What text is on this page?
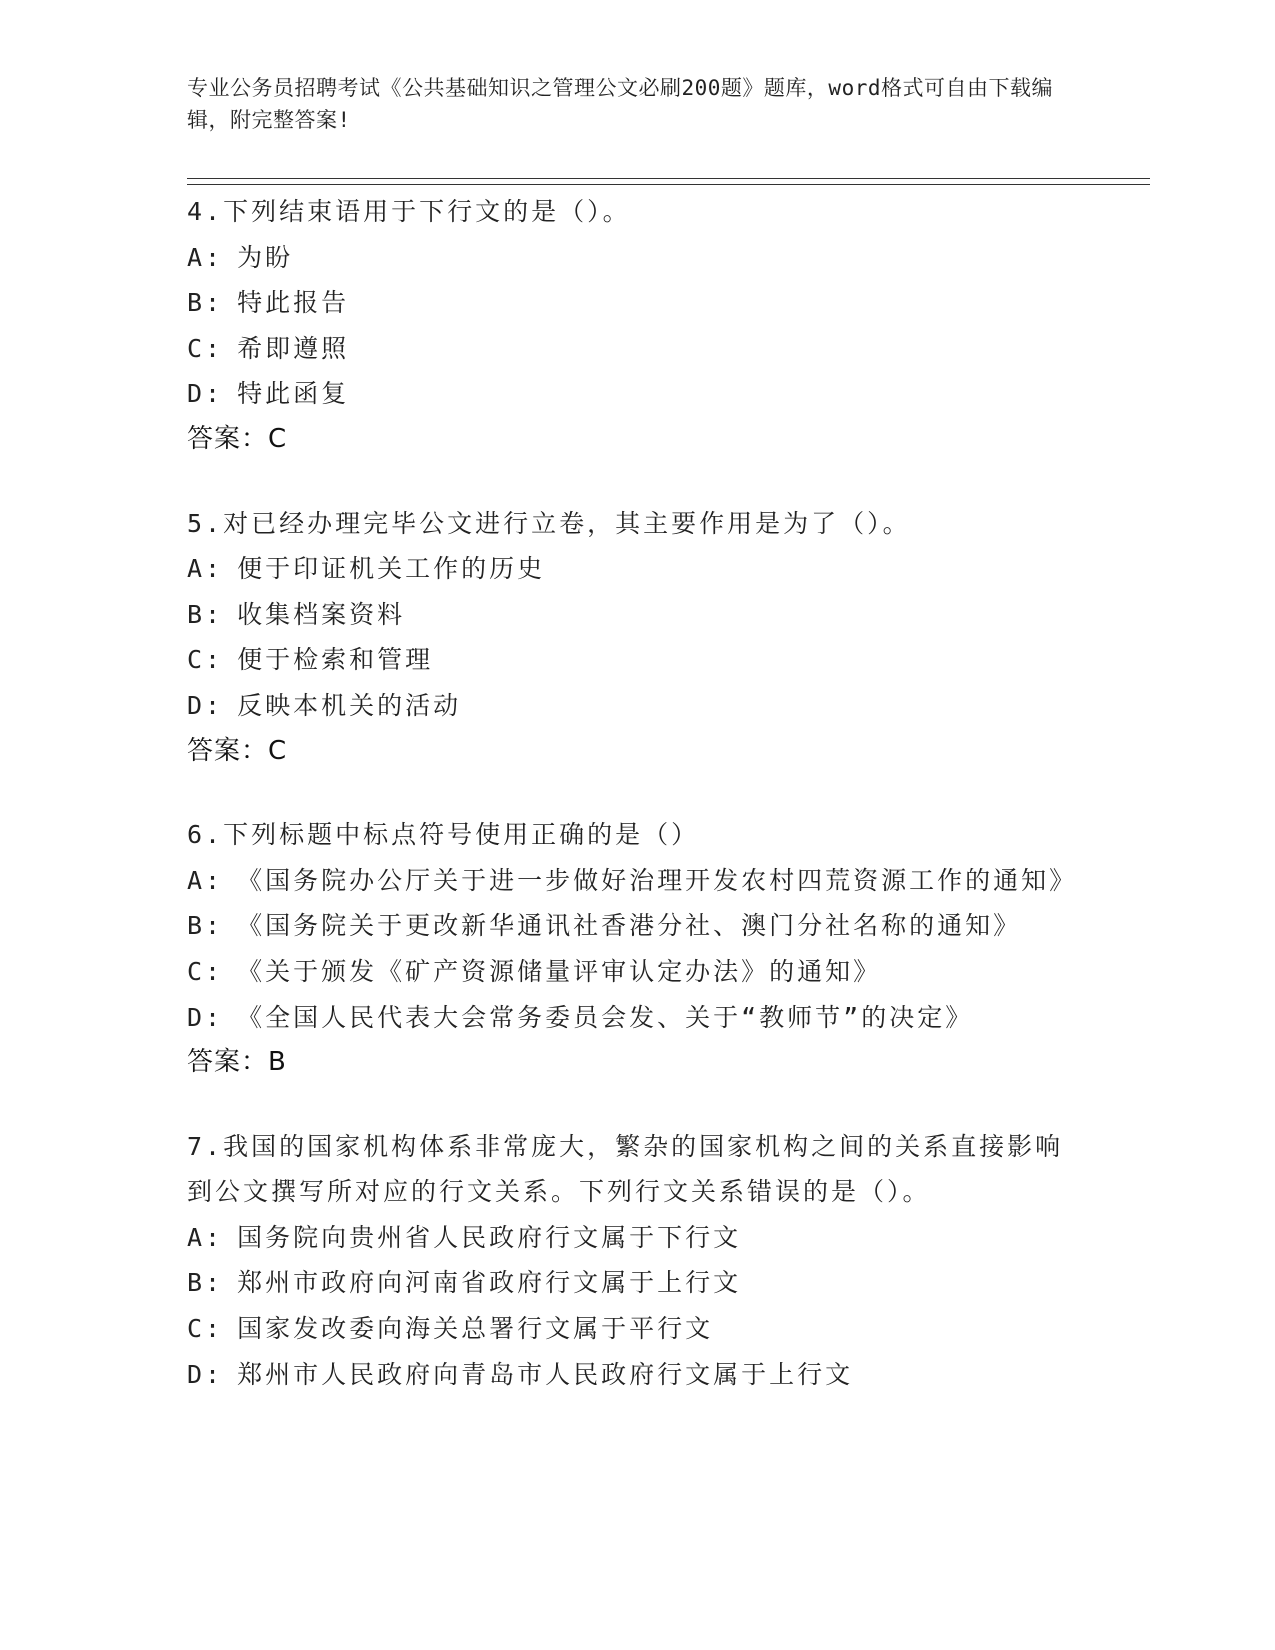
专业公务员招聘考试《公共基础知识之管理公文必刷200题》题库，word格式可自由下载编辑，附完整答案!
4.下列结束语用于下行文的是（）。
A: 为盼
B: 特此报告
C: 希即遵照
D: 特此函复
答案：C
5.对已经办理完毕公文进行立卷，其主要作用是为了（）。
A: 便于印证机关工作的历史
B: 收集档案资料
C: 便于检索和管理
D: 反映本机关的活动
答案：C
6.下列标题中标点符号使用正确的是（）
A: 《国务院办公厅关于进一步做好治理开发农村四荒资源工作的通知》
B: 《国务院关于更改新华通讯社香港分社、澳门分社名称的通知》
C: 《关于颁发《矿产资源储量评审认定办法》的通知》
D: 《全国人民代表大会常务委员会发、关于“教师节”的决定》
答案：B
7.我国的国家机构体系非常庞大，繁杂的国家机构之间的关系直接影响到公文撰写所对应的行文关系。下列行文关系错误的是（）。
A: 国务院向贵州省人民政府行文属于下行文
B: 郑州市政府向河南省政府行文属于上行文
C: 国家发改委向海关总署行文属于平行文
D: 郑州市人民政府向青岛市人民政府行文属于上行文
